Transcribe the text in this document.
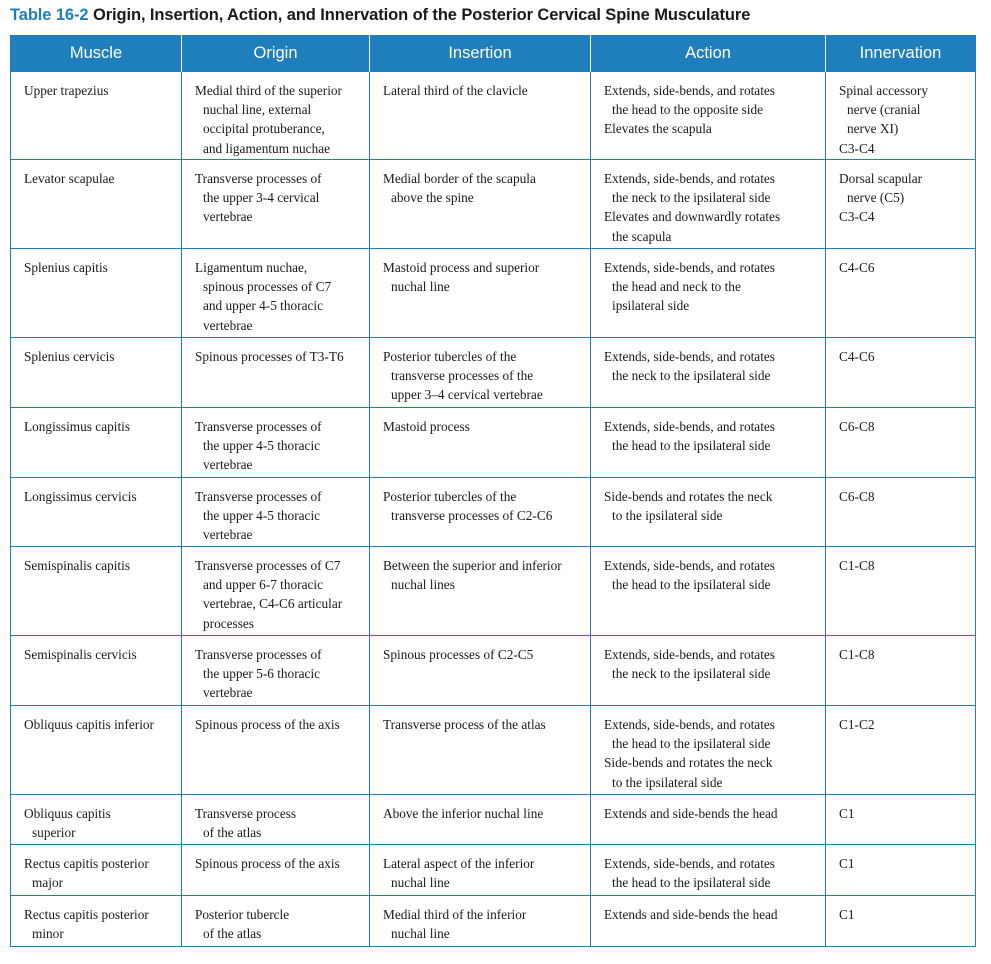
Table 16-2 Origin, Insertion, Action, and Innervation of the Posterior Cervical Spine Musculature
Muscle	Origin	Insertion	Action	Innervation

Upper trapezius	Medial third of the superior
nuchal line, external
occipital protuberance,
and ligamentum nuchae	Lateral third of the clavicle	Extends, side-bends, and rotates
the head to the opposite side
Elevates the scapula	Spinal accessory
nerve (cranial
nerve XI)
C3-C4

Levator scapulae	Transverse processes of
the upper 3-4 cervical
vertebrae	Medial border of the scapula
above the spine	Extends, side-bends, and rotates
the neck to the ipsilateral side
Elevates and downwardly rotates
the scapula	Dorsal scapular
nerve (C5)
C3-C4

Splenius capitis	Ligamentum nuchae,
spinous processes of C7
and upper 4-5 thoracic
vertebrae	Mastoid process and superior
nuchal line	Extends, side-bends, and rotates
the head and neck to the
ipsilateral side	C4-C6

Splenius cervicis	Spinous processes of T3-T6	Posterior tubercles of the
transverse processes of the
upper 3–4 cervical vertebrae	Extends, side-bends, and rotates
the neck to the ipsilateral side	C4-C6

Longissimus capitis	Transverse processes of
the upper 4-5 thoracic
vertebrae	Mastoid process	Extends, side-bends, and rotates
the head to the ipsilateral side	C6-C8

Longissimus cervicis	Transverse processes of
the upper 4-5 thoracic
vertebrae	Posterior tubercles of the
transverse processes of C2-C6	Side-bends and rotates the neck
to the ipsilateral side	C6-C8

Semispinalis capitis	Transverse processes of C7
and upper 6-7 thoracic
vertebrae, C4-C6 articular
processes	Between the superior and inferior
nuchal lines	Extends, side-bends, and rotates
the head to the ipsilateral side	C1-C8

Semispinalis cervicis	Transverse processes of
the upper 5-6 thoracic
vertebrae	Spinous processes of C2-C5	Extends, side-bends, and rotates
the neck to the ipsilateral side	C1-C8

Obliquus capitis inferior	Spinous process of the axis	Transverse process of the atlas	Extends, side-bends, and rotates
the head to the ipsilateral side
Side-bends and rotates the neck
to the ipsilateral side	C1-C2

Obliquus capitis
superior	Transverse process
of the atlas	Above the inferior nuchal line	Extends and side-bends the head	C1

Rectus capitis posterior
major	Spinous process of the axis	Lateral aspect of the inferior
nuchal line	Extends, side-bends, and rotates
the head to the ipsilateral side	C1

Rectus capitis posterior
minor	Posterior tubercle
of the atlas	Medial third of the inferior
nuchal line	Extends and side-bends the head	C1
